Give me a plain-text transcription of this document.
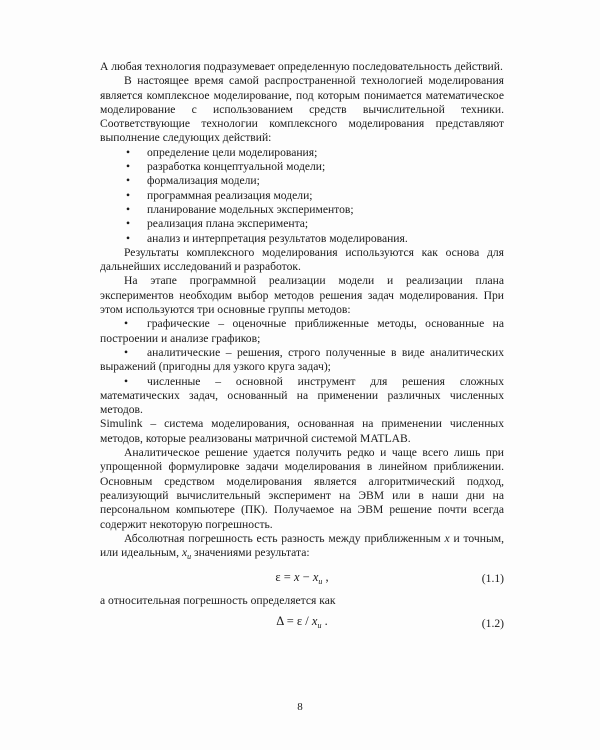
А любая технология подразумевает определенную последовательность действий.

В настоящее время самой распространенной технологией моделирования является комплексное моделирование, под которым понимается математическое моделирование с использованием средств вычислительной техники. Соответствующие технологии комплексного моделирования представляют выполнение следующих действий:

• определение цели моделирования;
• разработка концептуальной модели;
• формализация модели;
• программная реализация модели;
• планирование модельных экспериментов;
• реализация плана эксперимента;
• анализ и интерпретация результатов моделирования.

Результаты комплексного моделирования используются как основа для дальнейших исследований и разработок.

На этапе программной реализации модели и реализации плана экспериментов необходим выбор методов решения задач моделирования. При этом используются три основные группы методов:

• графические – оценочные приближенные методы, основанные на построении и анализе графиков;
• аналитические – решения, строго полученные в виде аналитических выражений (пригодны для узкого круга задач);
• численные – основной инструмент для решения сложных математических задач, основанный на применении различных численных методов.

Simulink – система моделирования, основанная на применении численных методов, которые реализованы матричной системой MATLAB.

Аналитическое решение удается получить редко и чаще всего лишь при упрощенной формулировке задачи моделирования в линейном приближении. Основным средством моделирования является алгоритмический подход, реализующий вычислительный эксперимент на ЭВМ или в наши дни на персональном компьютере (ПК). Получаемое на ЭВМ решение почти всегда содержит некоторую погрешность.

Абсолютная погрешность есть разность между приближенным x и точным, или идеальным, $x_u$ значениями результата:

$\varepsilon = x - x_u$ ,	(1.1)

а относительная погрешность определяется как

$\Delta = \varepsilon / x_u$ .	(1.2)
8
